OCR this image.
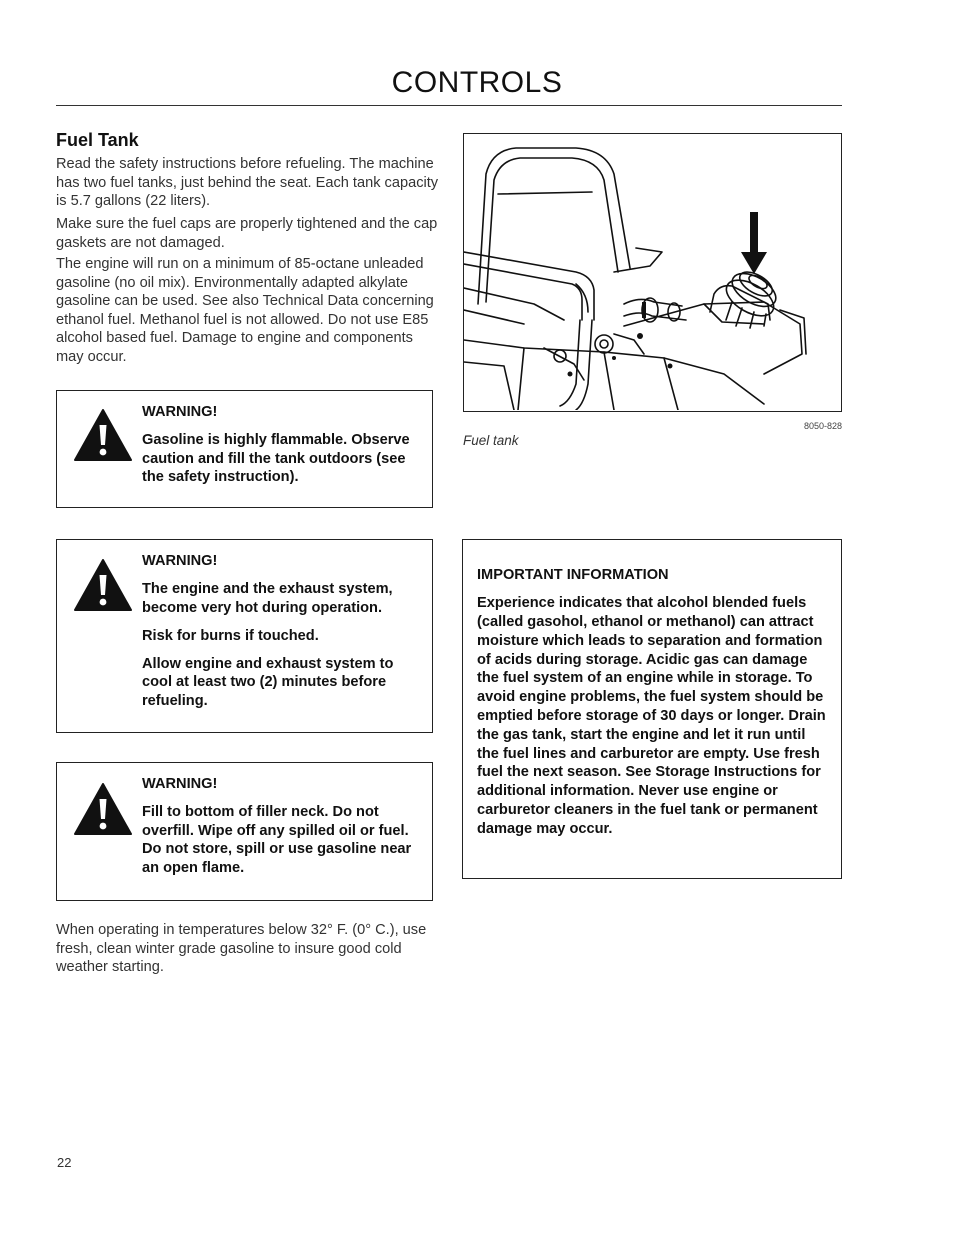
CONTROLS
Fuel Tank

Read the safety instructions before refueling. The machine has two fuel tanks, just behind the seat. Each tank capacity is 5.7 gallons (22 liters).

Make sure the fuel caps are properly tightened and the cap gaskets are not damaged.

The engine will run on a minimum of 85-octane unleaded gasoline (no oil mix). Environmentally adapted alkylate gasoline can be used. See also Technical Data concerning ethanol fuel. Methanol fuel is not allowed. Do not use E85 alcohol based fuel. Damage to engine and components may occur.

WARNING!

Gasoline is highly flammable. Observe caution and fill the tank outdoors (see the safety instruction).

WARNING!

The engine and the exhaust system, become very hot during operation.

Risk for burns if touched.

Allow engine and exhaust system to cool at least two (2) minutes before refueling.

WARNING!

Fill to bottom of filler neck. Do not overfill. Wipe off any spilled oil or fuel. Do not store, spill or use gasoline near an open flame.

When operating in temperatures below 32° F. (0° C.), use fresh, clean winter grade gasoline to insure good cold weather starting.

8050-828
Fuel tank

IMPORTANT INFORMATION

Experience indicates that alcohol blended fuels (called gasohol, ethanol or methanol) can attract moisture which leads to separation and formation of acids during storage. Acidic gas can damage the fuel system of an engine while in storage. To avoid engine problems, the fuel system should be emptied before storage of 30 days or longer. Drain the gas tank, start the engine and let it run until the fuel lines and carburetor are empty. Use fresh fuel the next season. See Storage Instructions for additional information. Never use engine or carburetor cleaners in the fuel tank or permanent damage may occur.

22
